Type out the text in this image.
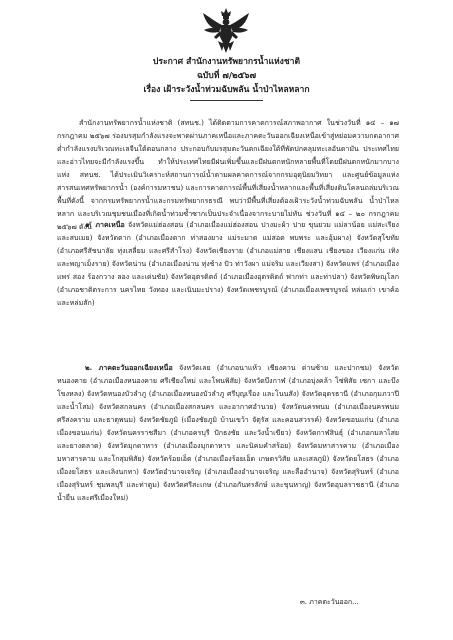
ประกาศ สำนักงานทรัพยากรน้ำแห่งชาติ
ฉบับที่ ๗/๒๕๖๗
เรื่อง เฝ้าระวังน้ำท่วมฉับพลัน น้ำป่าไหลหลาก
สำนักงานทรัพยากรน้ำแห่งชาติ (สทนช.) ได้ติดตามการคาดการณ์สภาพอากาศ ในช่วงวันที่ ๑๔ – ๑๗ กรกฎาคม ๒๕๖๗ ร่องมรสุมกำลังแรงจะพาดผ่านภาคเหนือและภาคตะวันออกเฉียงเหนือเข้าสู่หย่อมความกดอากาศต่ำกำลังแรงบริเวณทะเลจีนใต้ตอนกลาง ประกอบกับมรสุมตะวันตกเฉียงใต้ที่พัดปกคลุมทะเลอันดามัน ประเทศไทย และอ่าวไทยจะมีกำลังแรงขึ้น ทำให้ประเทศไทยมีฝนเพิ่มขึ้นและมีฝนตกหนักหลายพื้นที่โดยมีฝนตกหนักมากบางแห่ง สทนช. ได้ประเมินวิเคราะห์สถานการณ์น้ำตามผลคาดการณ์จากกรมอุตุนิยมวิทยา และศูนย์ข้อมูลแห่งสารสนเทศทรัพยากรน้ำ (องค์การมหาชน) และการคาดการณ์พื้นที่เสี่ยงน้ำหลากและพื้นที่เสี่ยงดินโคลนถล่มบริเวณพื้นที่ดังนี้ จากกรมทรัพยากรน้ำและกรมทรัพยากรธรณี พบว่ามีพื้นที่เสี่ยงต้องเฝ้าระวังน้ำท่วมฉับพลัน น้ำป่าไหลหลาก และบริเวณชุมชนเมืองที่เกิดน้ำท่วมซ้ำซากเป็นประจำเนื่องจากระบายไม่ทัน ช่วงวันที่ ๑๔ – ๒๐ กรกฎาคม ๒๕๖๗ ดังนี้
๑. ภาคเหนือ จังหวัดแม่ฮ่องสอน (อำเภอเมืองแม่ฮ่องสอน ปางมะผ้า ปาย ขุนยวม แม่ลาน้อย แม่สะเรียง และสบเมย) จังหวัดตาก (อำเภอเมืองตาก ท่าสองยาง แม่ระมาด แม่สอด พบพระ และอุ้มผาง) จังหวัดสุโขทัย (อำเภอศรีสัชนาลัย ทุ่งเสลี่ยม และศรีสำโรง) จังหวัดเชียงราย (อำเภอแม่สาย เชียงแสน เชียงของ เวียงแก่น เทิง และพญาเม็งราย) จังหวัดน่าน (อำเภอเมืองน่าน ทุ่งช้าง ปัว ท่าวังผา แม่จริม และเวียงสา) จังหวัดแพร่ (อำเภอเมืองแพร่ สอง ร้องกวาง ลอง และเด่นชัย) จังหวัดอุตรดิตถ์ (อำเภอเมืองอุตรดิตถ์ ฟากท่า และท่าปลา) จังหวัดพิษณุโลก (อำเภอชาติตระการ นครไทย วังทอง และเนินมะปราง) จังหวัดเพชรบูรณ์ (อำเภอเมืองเพชรบูรณ์ หล่มเก่า เขาค้อ และหล่มสัก)
๒. ภาคตะวันออกเฉียงเหนือ จังหวัดเลย (อำเภอนาแห้ว เชียงคาน ด่านซ้าย และปากชม) จังหวัดหนองคาย (อำเภอเมืองหนองคาย ศรีเชียงใหม่ และโพนพิสัย) จังหวัดบึงกาฬ (อำเภอบุ่งคล้า โซ่พิสัย เซกา และบึงโขงหลง) จังหวัดหนองบัวลำภู (อำเภอเมืองหนองบัวลำภู ศรีบุญเรือง และโนนสัง) จังหวัดอุดรธานี (อำเภอกุมภวาปี และน้ำโสม) จังหวัดสกลนคร (อำเภอเมืองสกลนคร และอากาศอำนวย) จังหวัดนครพนม (อำเภอเมืองนครพนม ศรีสงคราม และธาตุพนม) จังหวัดชัยภูมิ (เมืองชัยภูมิ บ้านเขว้า จัตุรัส และคอนสวรรค์) จังหวัดขอนแก่น (อำเภอเมืองขอนแก่น) จังหวัดนครราชสีมา (อำเภอครบุรี ปักธงชัย และวังน้ำเขียว) จังหวัดกาฬสินธุ์ (อำเภอกมลาไสย และยางตลาด) จังหวัดมุกดาหาร (อำเภอเมืองมุกดาหาร และนิคมคำสร้อย) จังหวัดมหาสารคาม (อำเภอเมืองมหาสารคาม และโกสุมพิสัย) จังหวัดร้อยเอ็ด (อำเภอเมืองร้อยเอ็ด เกษตรวิสัย และเสลภูมิ) จังหวัดยโสธร (อำเภอเมืองยโสธร และเลิงนกทา) จังหวัดอำนาจเจริญ (อำเภอเมืองอำนาจเจริญ และลืออำนาจ) จังหวัดสุรินทร์ (อำเภอเมืองสุรินทร์ ชุมพลบุรี และท่าตูม) จังหวัดศรีสะเกษ (อำเภอกันทรลักษ์ และขุนหาญ) จังหวัดอุบลราชธานี (อำเภอน้ำยืน และศรีเมืองใหม่)
๓. ภาคตะวันออก...
